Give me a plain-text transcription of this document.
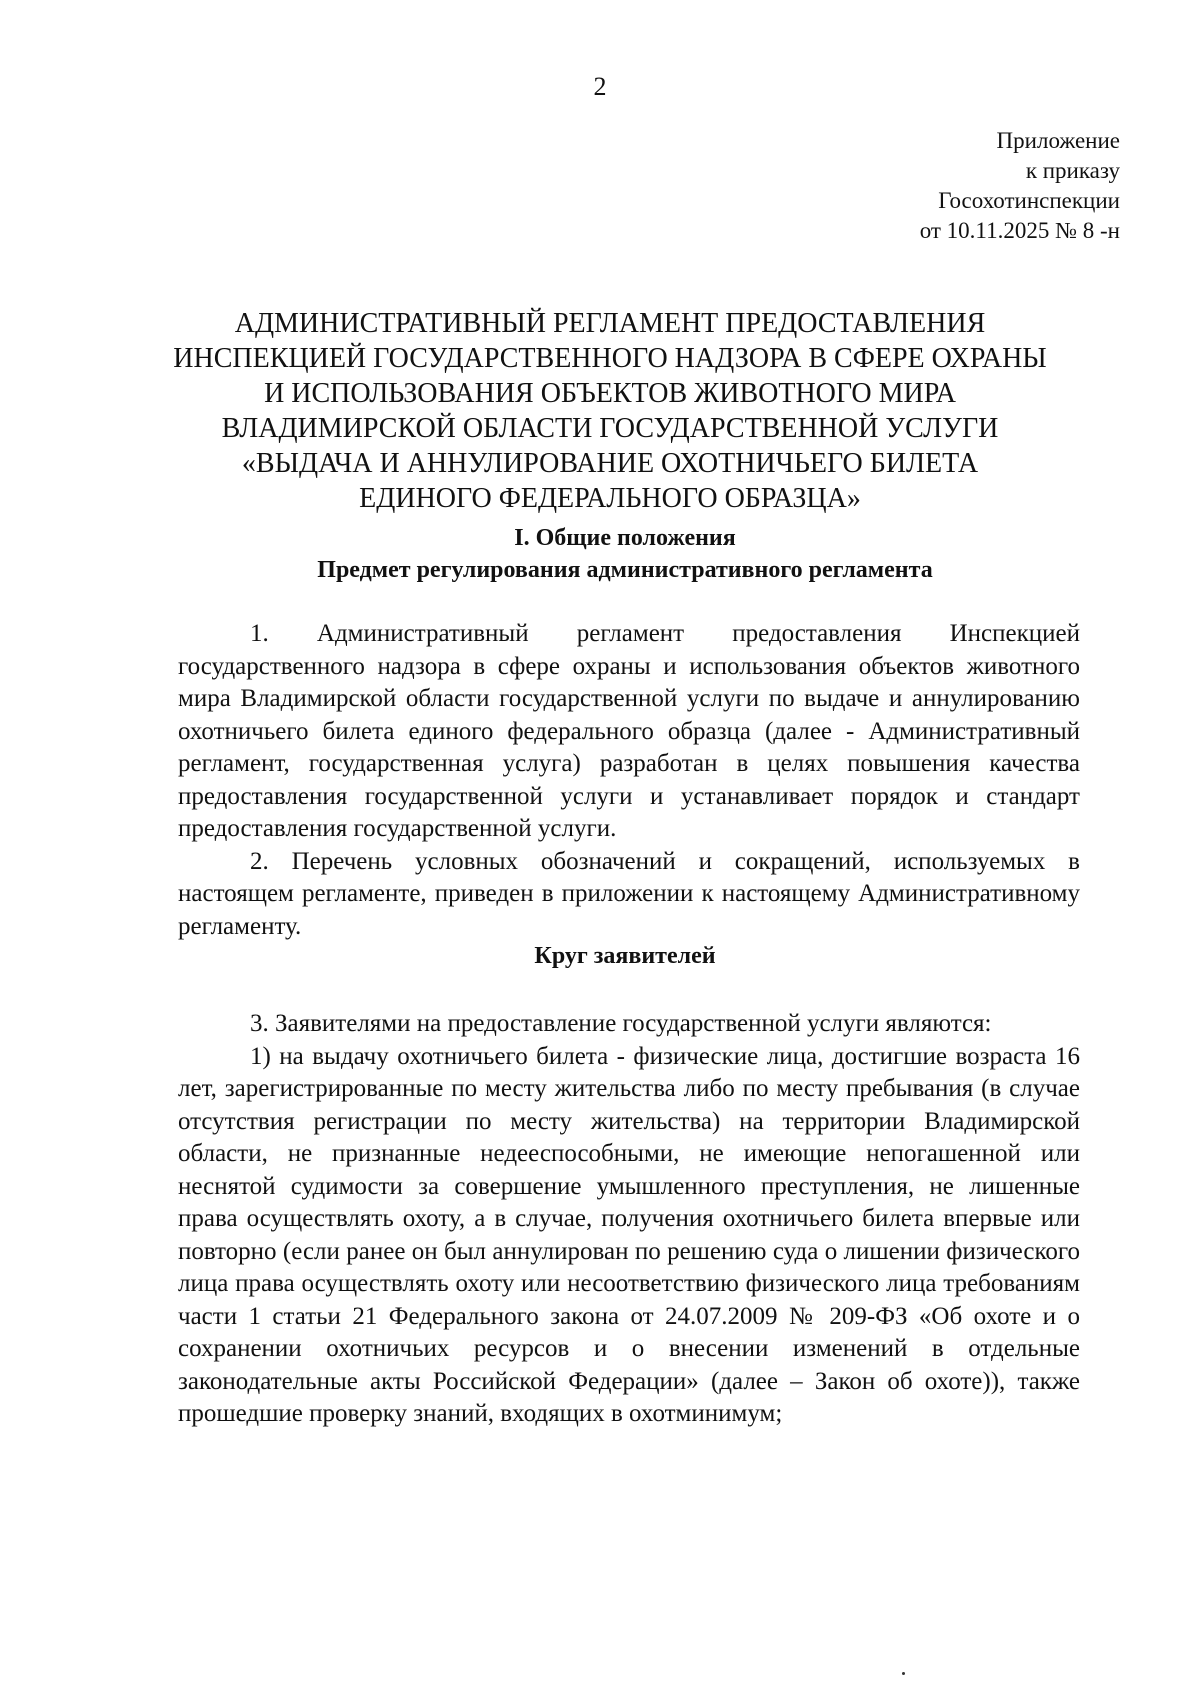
2
Приложение
к приказу
Госохотинспекции
от 10.11.2025 № 8 -н
АДМИНИСТРАТИВНЫЙ РЕГЛАМЕНТ ПРЕДОСТАВЛЕНИЯ
ИНСПЕКЦИЕЙ ГОСУДАРСТВЕННОГО НАДЗОРА В СФЕРЕ ОХРАНЫ
И ИСПОЛЬЗОВАНИЯ ОБЪЕКТОВ ЖИВОТНОГО МИРА
ВЛАДИМИРСКОЙ ОБЛАСТИ ГОСУДАРСТВЕННОЙ УСЛУГИ
«ВЫДАЧА И АННУЛИРОВАНИЕ ОХОТНИЧЬЕГО БИЛЕТА
ЕДИНОГО ФЕДЕРАЛЬНОГО ОБРАЗЦА»
I. Общие положения
Предмет регулирования административного регламента

1. Административный регламент предоставления Инспекцией государственного надзора в сфере охраны и использования объектов животного мира Владимирской области государственной услуги по выдаче и аннулированию охотничьего билета единого федерального образца (далее - Административный регламент, государственная услуга) разработан в целях повышения качества предоставления государственной услуги и устанавливает порядок и стандарт предоставления государственной услуги.

2. Перечень условных обозначений и сокращений, используемых в настоящем регламенте, приведен в приложении к настоящему Административному регламенту.

Круг заявителей

3. Заявителями на предоставление государственной услуги являются:

1) на выдачу охотничьего билета - физические лица, достигшие возраста 16 лет, зарегистрированные по месту жительства либо по месту пребывания (в случае отсутствия регистрации по месту жительства) на территории Владимирской области, не признанные недееспособными, не имеющие непогашенной или неснятой судимости за совершение умышленного преступления, не лишенные права осуществлять охоту, а в случае, получения охотничьего билета впервые или повторно (если ранее он был аннулирован по решению суда о лишении физического лица права осуществлять охоту или несоответствию физического лица требованиям части 1 статьи 21 Федерального закона от 24.07.2009 № 209-ФЗ «Об охоте и о сохранении охотничьих ресурсов и о внесении изменений в отдельные законодательные акты Российской Федерации» (далее – Закон об охоте)), также прошедшие проверку знаний, входящих в охотминимум;
